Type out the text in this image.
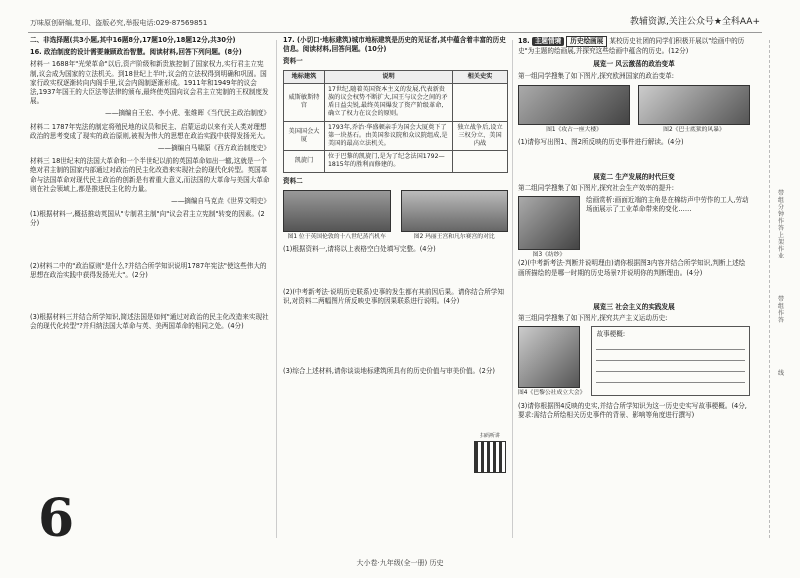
万味原创研编,复印、盗版必究,举报电话:029-87569851	教辅资源,关注公众号★全科AA+

二、非选择题(共3小题,其中16题8分,17题10分,18题12分,共30分)

16. 政治制度的设计需要兼顾政治智慧。阅读材料,回答下列问题。(8分)

材料一 1688年"光荣革命"以后,资产阶级和新贵族控制了国家权力,实行君主立宪制,议会成为国家的立法机关。到18世纪上半叶,议会的立法权得到明确和巩固。国家行政实权逐渐转向内阁手里,议会内阁制逐渐形成。1911年和1949年的议会法,1937年国王的大臣法等法律的颁布,最终使英国向议会君主立宪制的王权制度发展。

——摘编自王宏、李小虎、张维晖《当代民主政治制度》

材料二 1787年宪法的制定将殖民地的议员和民主、启蒙运动以来有关人类对理想政治的思考变成了现实的政治原则,被视为伟大的思想在政治实践中获得发扬光大。

——摘编自马啸原《西方政治制度史》

材料三 18世纪末的法国大革命和一个半世纪以前的英国革命如出一辙,这就是一个绝对君主制的国家内部通过对政治的民主化改造来实现社会的现代化转型。英国革命与法国革命对现代民主政治的创新是有着重大意义,而法国的大革命与美国大革命则在社会领域上,都是推进民主化的力量。

——摘编自马克垚《世界文明史》

(1)根据材料一,概括推动英国从"专制君主制"向"议会君主立宪制"转变的因素。(2分)

(2)材料二中的"政治原则"是什么?并结合所学知识说明1787年宪法"使这些伟大的思想在政治实践中获得发扬光大"。(2分)

(3)根据材料三并结合所学知识,简述法国是如何"通过对政治的民主化改造来实现社会的现代化转型"?并归纳法国大革命与英、美两国革命的相同之处。(4分)

6

17. (小切口·地标建筑)城市地标建筑是历史的见证者,其中蕴含着丰富的历史信息。阅读材料,回答问题。(10分)

资料一

地标建筑	说明	相关史实
威斯敏斯特宫	17世纪,随着英国资本主义的发展,代表新贵族的议会权势不断扩大,国王与议会之间的矛盾日益尖锐,最终英国爆发了资产阶级革命,确立了权力在议会的原则。	
美国国会大厦	1793年,乔治·华盛顿亲手为国会大厦奠下了第一块基石。由美国参议院和众议院组成,是美国的最高立法机关。	独立战争后,设立三权分立、美国内战
凯旋门	位于巴黎的凯旋门,是为了纪念法国1792—1815年的胜利而修建的。	

资料二

图1 位于英国伦敦的十八世纪蒸汽机车	图2 玛丽王宫和凡尔赛宫的对比

(1)根据资料一,请将以上表格空白处填写完整。(4分)

(2)(中考新考法·说明历史联系)史事的发生都有其前因后果。请你结合所学知识,对资料二两幅图片所反映史事的因果联系进行说明。(4分)

(3)综合上述材料,请你谈谈地标建筑所具有的历史价值与审美价值。(2分)

扫码听讲

18. 主题情境 历史绘画展 某校历史社团的同学们积极开展以"绘画中的历史"为主题的绘画展,并探究这些绘画中蕴含的历史。(12分)

展览一 风云激荡的政治变革

第一组同学搜集了如下图片,探究欧洲国家的政治变革:

图1《攻占一座大楼》	图2《巴士底狱的风暴》

(1)请你写出图1、图2所反映的历史事件进行解读。(4分)

展览二 生产发展的时代巨变

第二组同学搜集了如下图片,探究社会生产效率的提升:

图3《纺纱》

绘画赏析:画面近端的主角是在棉纺声中劳作的工人,劳动场面展示了工业革命带来的变化……

(2)(中考新考法·判断并说明理由)请你根据图3内容并结合所学知识,判断上述绘画所描绘的是哪一时期的历史场景?并说明你的判断理由。(4分)

展览三 社会主义的实践发展

第三组同学搜集了如下图片,探究共产主义运动历史:

图4《巴黎公社成立大会》
故事梗概:

(3)请你根据图4反映的史实,并结合所学知识为这一历史史实写故事梗概。(4分,要求:需结合所绘相关历史事件的背景、影响等角度进行撰写)

带组分钟作答 上架作业
带组作答
线
大小卷·九年级(全一册) 历史
